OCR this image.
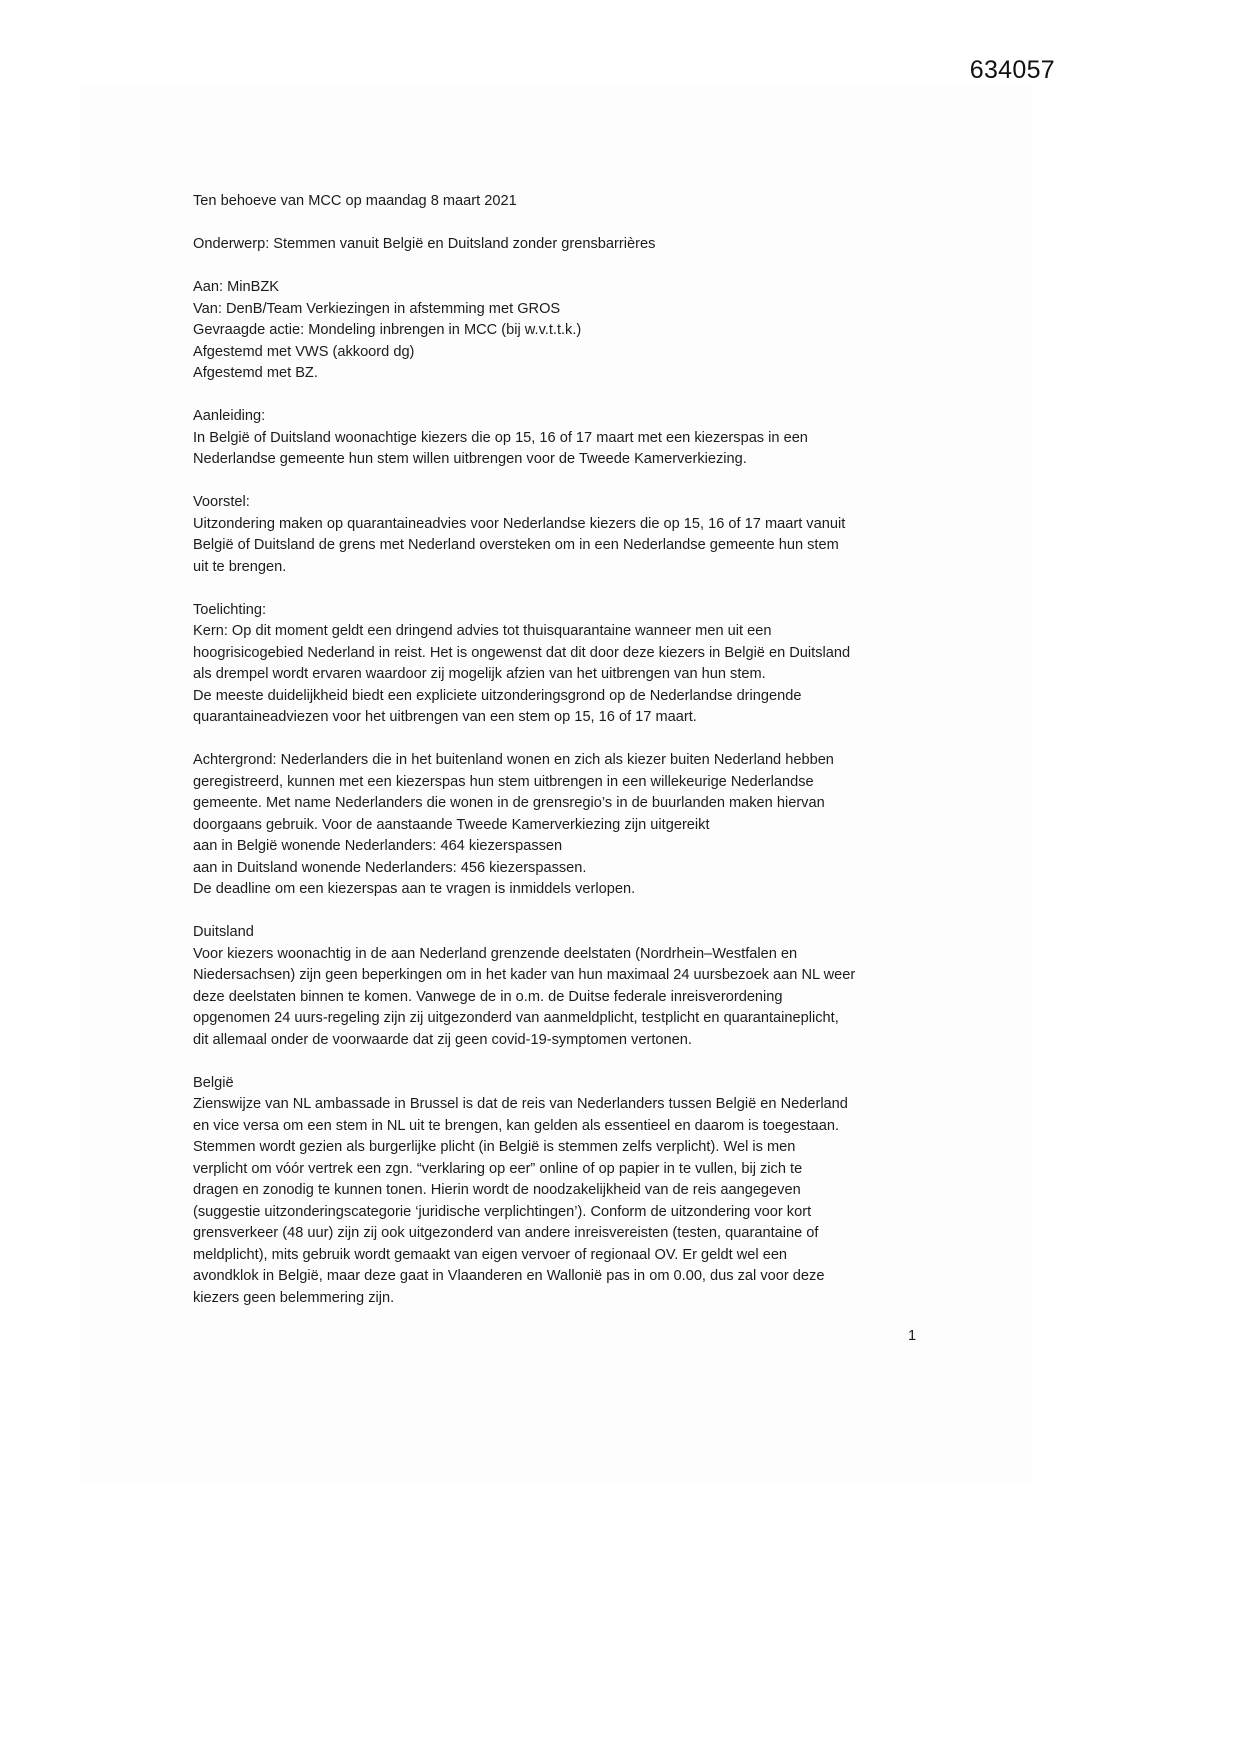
634057
Ten behoeve van MCC op maandag 8 maart 2021
Onderwerp: Stemmen vanuit België en Duitsland zonder grensbarrières
Aan: MinBZK
Van: DenB/Team Verkiezingen in afstemming met GROS
Gevraagde actie: Mondeling inbrengen in MCC (bij w.v.t.t.k.)
Afgestemd met VWS (akkoord dg)
Afgestemd met BZ.
Aanleiding:
In België of Duitsland woonachtige kiezers die op 15, 16 of 17 maart met een kiezerspas in een
Nederlandse gemeente hun stem willen uitbrengen voor de Tweede Kamerverkiezing.
Voorstel:
Uitzondering maken op quarantaineadvies voor Nederlandse kiezers die op 15, 16 of 17 maart vanuit
België of Duitsland de grens met Nederland oversteken om in een Nederlandse gemeente hun stem
uit te brengen.
Toelichting:
Kern: Op dit moment geldt een dringend advies tot thuisquarantaine wanneer men uit een
hoogrisicogebied Nederland in reist. Het is ongewenst dat dit door deze kiezers in België en Duitsland
als drempel wordt ervaren waardoor zij mogelijk afzien van het uitbrengen van hun stem.
De meeste duidelijkheid biedt een expliciete uitzonderingsgrond op de Nederlandse dringende
quarantaineadviezen voor het uitbrengen van een stem op 15, 16 of 17 maart.
Achtergrond: Nederlanders die in het buitenland wonen en zich als kiezer buiten Nederland hebben
geregistreerd, kunnen met een kiezerspas hun stem uitbrengen in een willekeurige Nederlandse
gemeente. Met name Nederlanders die wonen in de grensregio’s in de buurlanden maken hiervan
doorgaans gebruik. Voor de aanstaande Tweede Kamerverkiezing zijn uitgereikt
aan in België wonende Nederlanders: 464 kiezerspassen
aan in Duitsland wonende Nederlanders: 456 kiezerspassen.
De deadline om een kiezerspas aan te vragen is inmiddels verlopen.
Duitsland
Voor kiezers woonachtig in de aan Nederland grenzende deelstaten (Nordrhein–Westfalen en
Niedersachsen) zijn geen beperkingen om in het kader van hun maximaal 24 uursbezoek aan NL weer
deze deelstaten binnen te komen. Vanwege de in o.m. de Duitse federale inreisverordening
opgenomen 24 uurs-regeling zijn zij uitgezonderd van aanmeldplicht, testplicht en quarantaineplicht,
dit allemaal onder de voorwaarde dat zij geen covid-19-symptomen vertonen.
België
Zienswijze van NL ambassade in Brussel is dat de reis van Nederlanders tussen België en Nederland
en vice versa om een stem in NL uit te brengen, kan gelden als essentieel en daarom is toegestaan.
Stemmen wordt gezien als burgerlijke plicht (in België is stemmen zelfs verplicht). Wel is men
verplicht om vóór vertrek een zgn. “verklaring op eer” online of op papier in te vullen, bij zich te
dragen en zonodig te kunnen tonen. Hierin wordt de noodzakelijkheid van de reis aangegeven
(suggestie uitzonderingscategorie ‘juridische verplichtingen’). Conform de uitzondering voor kort
grensverkeer (48 uur) zijn zij ook uitgezonderd van andere inreisvereisten (testen, quarantaine of
meldplicht), mits gebruik wordt gemaakt van eigen vervoer of regionaal OV. Er geldt wel een
avondklok in België, maar deze gaat in Vlaanderen en Wallonië pas in om 0.00, dus zal voor deze
kiezers geen belemmering zijn.
1
